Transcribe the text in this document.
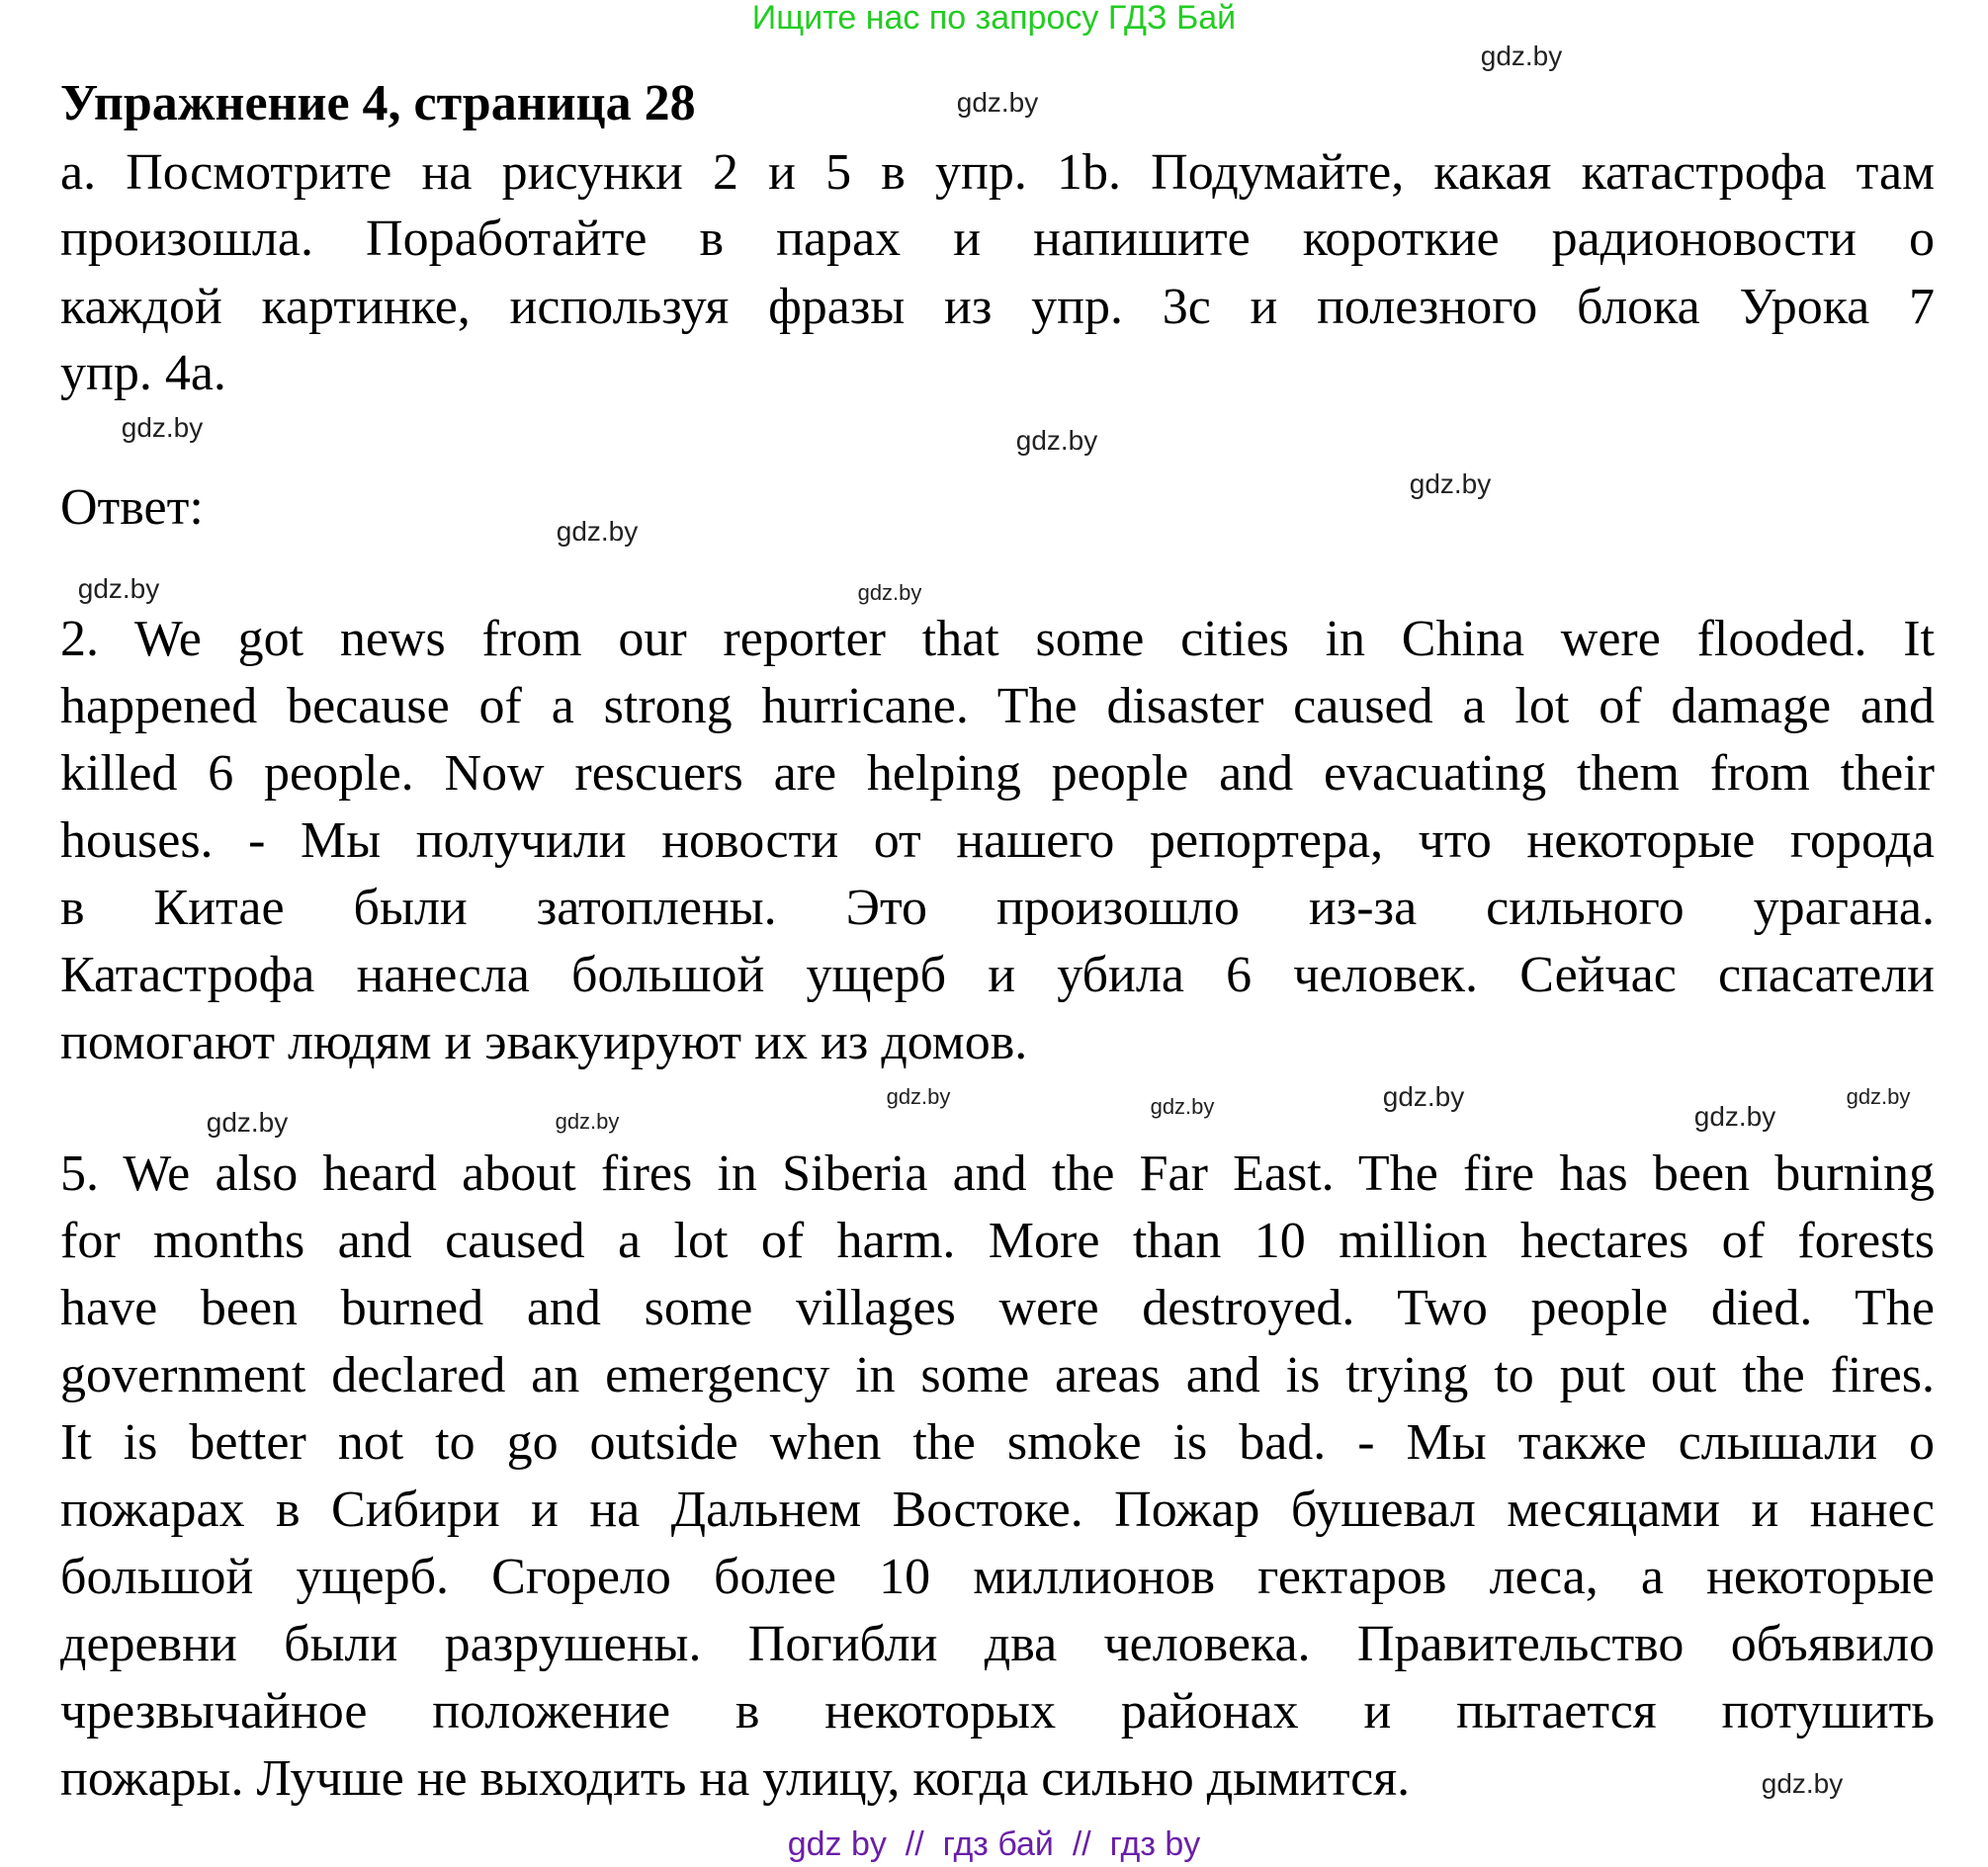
Ищите нас по запросу ГДЗ Бай
Упражнение 4, страница 28
а. Посмотрите на рисунки 2 и 5 в упр. 1b. Подумайте, какая катастрофа там
произошла. Поработайте в парах и напишите короткие радионовости о
каждой картинке, используя фразы из упр. 3с и полезного блока Урока 7
упр. 4а.
Ответ:
2. We got news from our reporter that some cities in China were flooded. It
happened because of a strong hurricane. The disaster caused a lot of damage and
killed 6 people. Now rescuers are helping people and evacuating them from their
houses. - Мы получили новости от нашего репортера, что некоторые города
в Китае были затоплены. Это произошло из-за сильного урагана.
Катастрофа нанесла большой ущерб и убила 6 человек. Сейчас спасатели
помогают людям и эвакуируют их из домов.
5. We also heard about fires in Siberia and the Far East. The fire has been burning
for months and caused a lot of harm. More than 10 million hectares of forests
have been burned and some villages were destroyed. Two people died. The
government declared an emergency in some areas and is trying to put out the fires.
It is better not to go outside when the smoke is bad. - Мы также слышали о
пожарах в Сибири и на Дальнем Востоке. Пожар бушевал месяцами и нанес
большой ущерб. Сгорело более 10 миллионов гектаров леса, а некоторые
деревни были разрушены. Погибли два человека. Правительство объявило
чрезвычайное положение в некоторых районах и пытается потушить
пожары. Лучше не выходить на улицу, когда сильно дымится.
gdz.by
gdz.by
gdz.by
gdz.by
gdz.by
gdz.by
gdz.by
gdz.by
gdz.by
gdz.by
gdz.by
gdz.by
gdz.by
gdz.by
gdz.by
gdz.by
gdz by  //  гдз бай  //  гдз by
